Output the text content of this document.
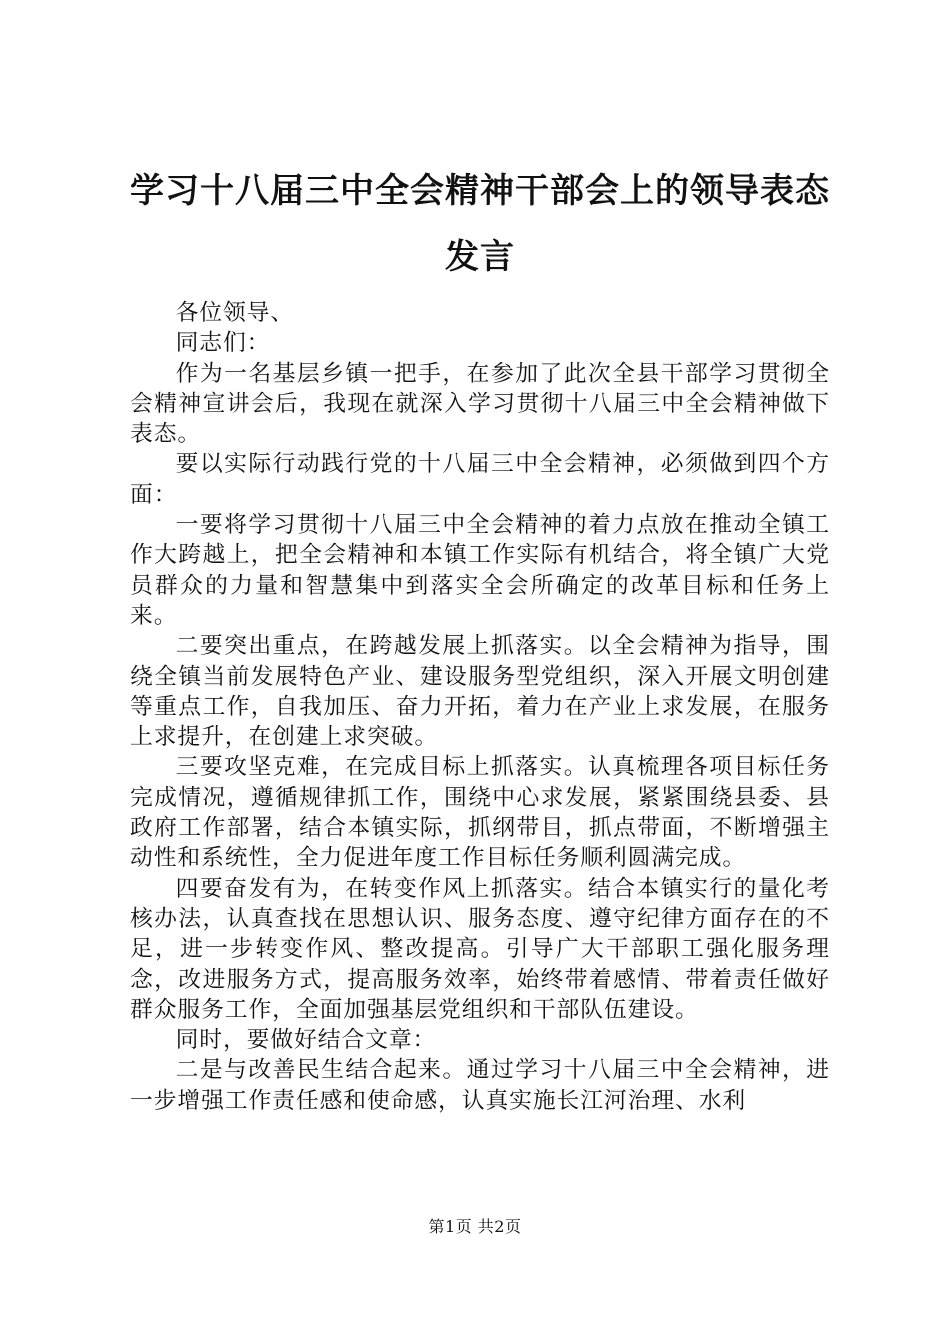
学习十八届三中全会精神干部会上的领导表态发言

各位领导、

同志们：

作为一名基层乡镇一把手，在参加了此次全县干部学习贯彻全会精神宣讲会后，我现在就深入学习贯彻十八届三中全会精神做下表态。

要以实际行动践行党的十八届三中全会精神，必须做到四个方面：

一要将学习贯彻十八届三中全会精神的着力点放在推动全镇工作大跨越上，把全会精神和本镇工作实际有机结合，将全镇广大党员群众的力量和智慧集中到落实全会所确定的改革目标和任务上来。

二要突出重点，在跨越发展上抓落实。以全会精神为指导，围绕全镇当前发展特色产业、建设服务型党组织，深入开展文明创建等重点工作，自我加压、奋力开拓，着力在产业上求发展，在服务上求提升，在创建上求突破。

三要攻坚克难，在完成目标上抓落实。认真梳理各项目标任务完成情况，遵循规律抓工作，围绕中心求发展，紧紧围绕县委、县政府工作部署，结合本镇实际，抓纲带目，抓点带面，不断增强主动性和系统性，全力促进年度工作目标任务顺利圆满完成。

四要奋发有为，在转变作风上抓落实。结合本镇实行的量化考核办法，认真查找在思想认识、服务态度、遵守纪律方面存在的不足，进一步转变作风、整改提高。引导广大干部职工强化服务理念，改进服务方式，提高服务效率，始终带着感情、带着责任做好群众服务工作，全面加强基层党组织和干部队伍建设。

同时，要做好结合文章：

二是与改善民生结合起来。通过学习十八届三中全会精神，进一步增强工作责任感和使命感，认真实施长江河治理、水利

第1页 共2页
